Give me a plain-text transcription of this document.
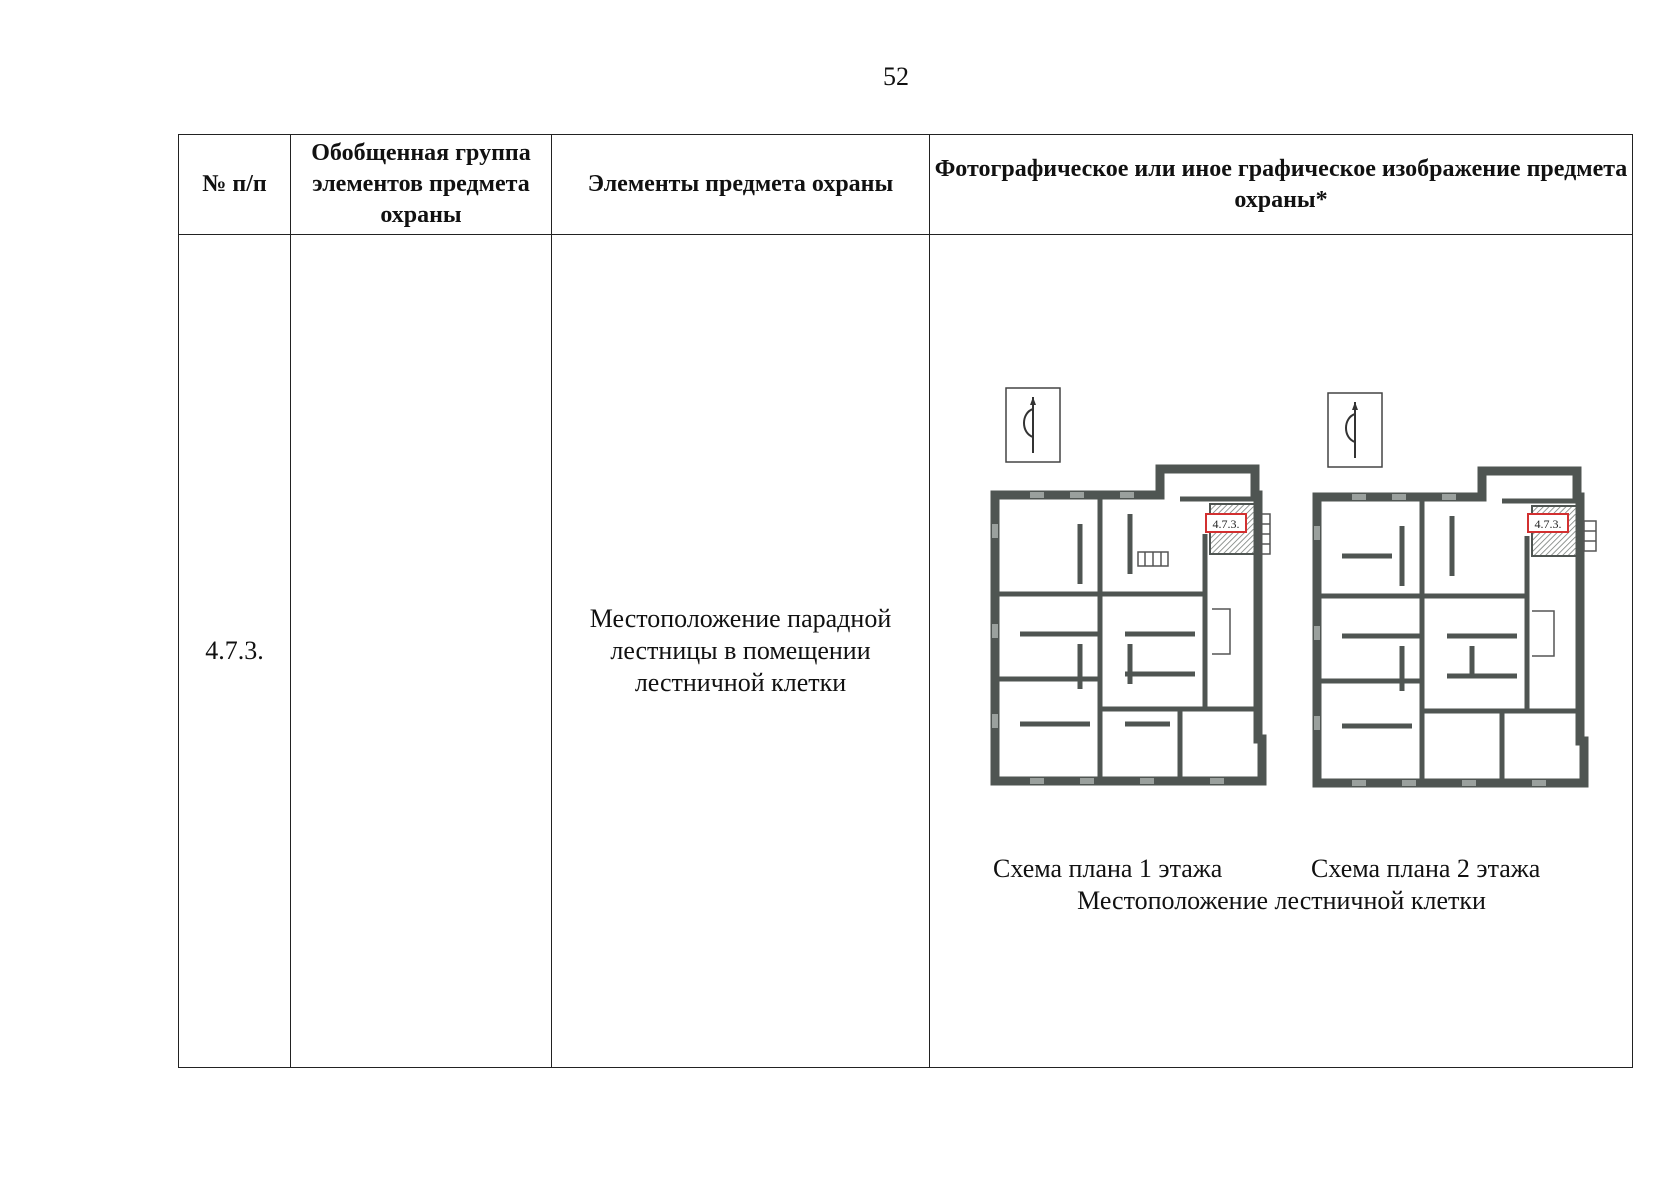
52
№ п/п	Обобщенная группа элементов предмета охраны	Элементы предмета охраны	Фотографическое или иное графическое изображение предмета охраны*
4.7.3.		Местоположение парадной лестницы в помещении лестничной клетки	4.7.3. 4.7.3.
Схема плана 1 этажа Схема плана 2 этажа
Местоположение лестничной клетки
